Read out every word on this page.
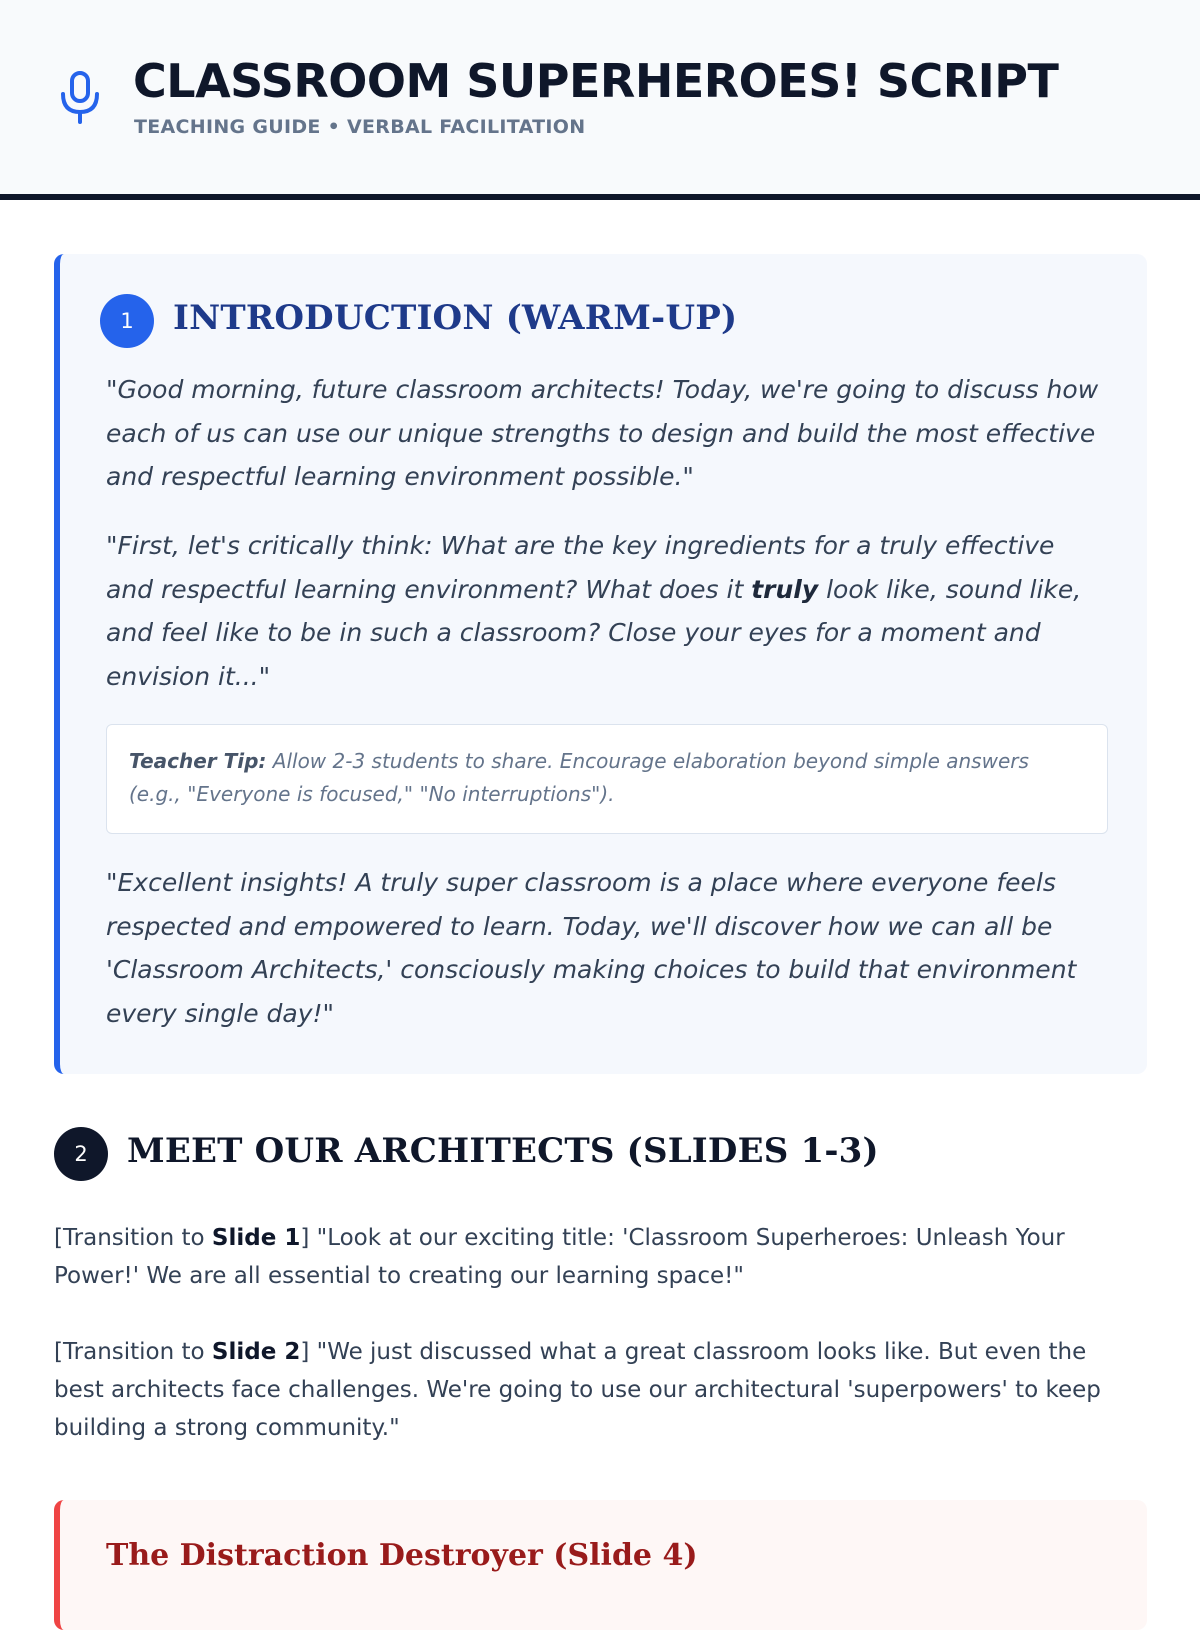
CLASSROOM SUPERHEROES! SCRIPT
TEACHING GUIDE • VERBAL FACILITATION
1	INTRODUCTION (WARM-UP)

"Good morning, future classroom architects! Today, we're going to discuss how each of us can use our unique strengths to design and build the most effective and respectful learning environment possible."

"First, let's critically think: What are the key ingredients for a truly effective and respectful learning environment? What does it truly look like, sound like, and feel like to be in such a classroom? Close your eyes for a moment and envision it..."

Teacher Tip: Allow 2-3 students to share. Encourage elaboration beyond simple answers (e.g., "Everyone is focused," "No interruptions").

"Excellent insights! A truly super classroom is a place where everyone feels respected and empowered to learn. Today, we'll discover how we can all be 'Classroom Architects,' consciously making choices to build that environment every single day!"

2	MEET OUR ARCHITECTS (SLIDES 1-3)

[Transition to Slide 1] "Look at our exciting title: 'Classroom Superheroes: Unleash Your Power!' We are all essential to creating our learning space!"

[Transition to Slide 2] "We just discussed what a great classroom looks like. But even the best architects face challenges. We're going to use our architectural 'superpowers' to keep building a strong community."

The Distraction Destroyer (Slide 4)
